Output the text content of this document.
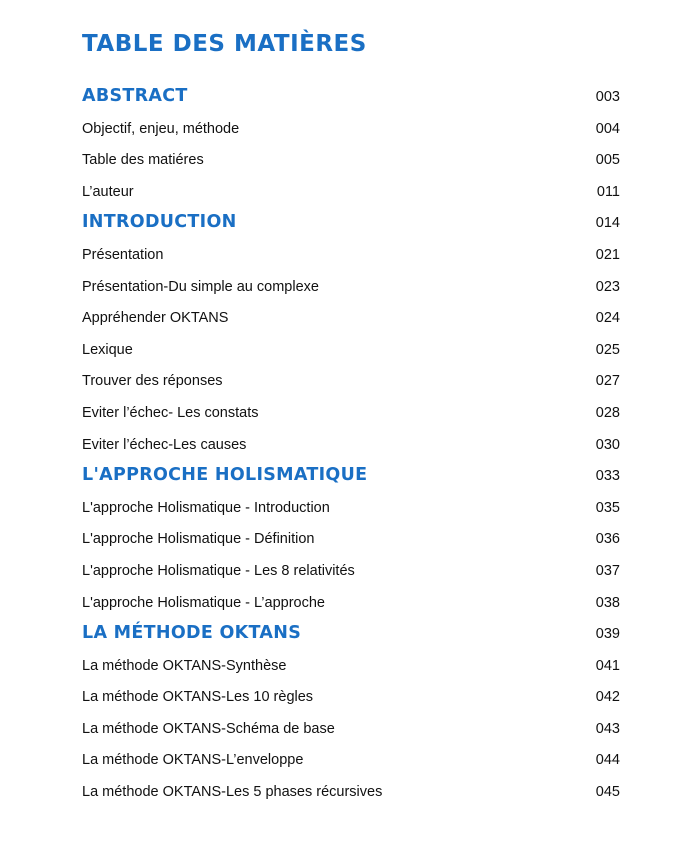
TABLE DES MATIÈRES
ABSTRACT	003
Objectif, enjeu, méthode	004
Table des matiéres	005
L’auteur	011
INTRODUCTION	014
Présentation	021
Présentation-Du simple au complexe	023
Appréhender OKTANS	024
Lexique	025
Trouver des réponses	027
Eviter l’échec- Les constats	028
Eviter l’échec-Les causes	030
L'APPROCHE HOLISMATIQUE	033
L'approche Holismatique - Introduction	035
L'approche Holismatique - Définition	036
L'approche Holismatique - Les 8 relativités	037
L'approche Holismatique - L’approche	038
LA MÉTHODE OKTANS	039
La méthode OKTANS-Synthèse	041
La méthode OKTANS-Les 10 règles	042
La méthode OKTANS-Schéma de base	043
La méthode OKTANS-L’enveloppe	044
La méthode OKTANS-Les 5 phases récursives	045
